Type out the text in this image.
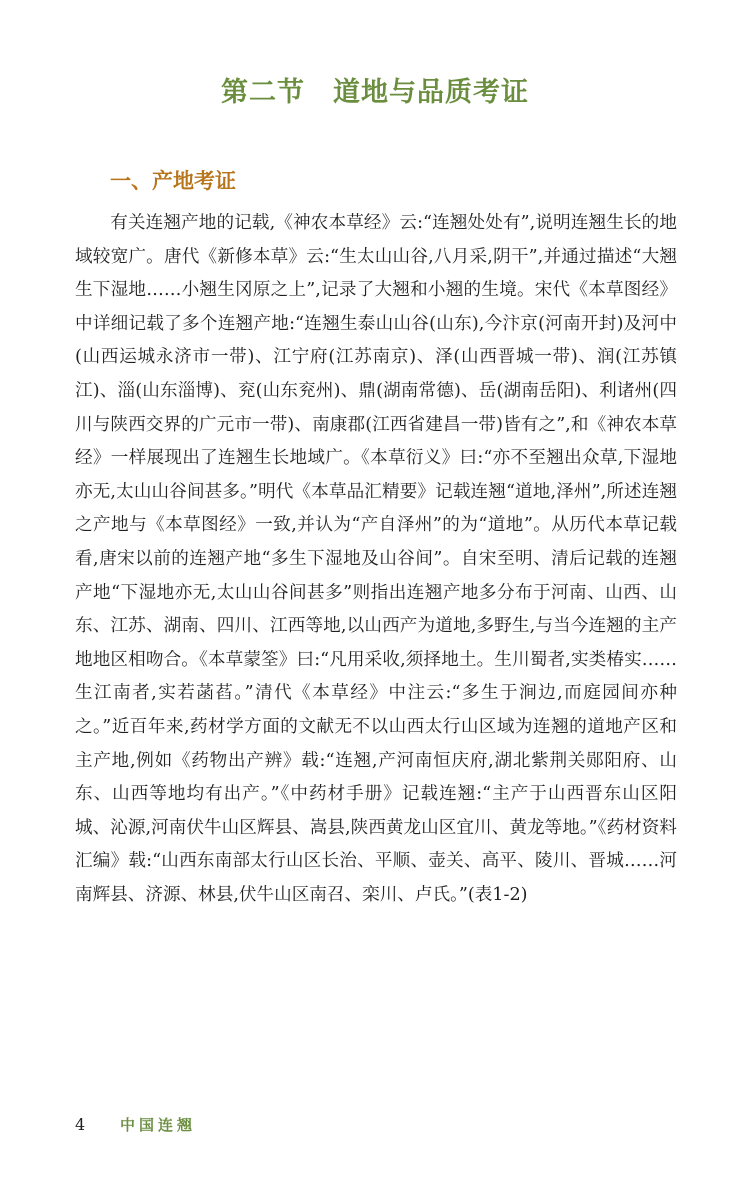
第二节　道地与品质考证
一、产地考证

有关连翘产地的记载,《神农本草经》云:“连翘处处有”,说明连翘生长的地域较宽广。唐代《新修本草》云:“生太山山谷,八月采,阴干”,并通过描述“大翘生下湿地……小翘生冈原之上”,记录了大翘和小翘的生境。宋代《本草图经》中详细记载了多个连翘产地:“连翘生泰山山谷(山东),今汴京(河南开封)及河中(山西运城永济市一带)、江宁府(江苏南京)、泽(山西晋城一带)、润(江苏镇江)、淄(山东淄博)、兖(山东兖州)、鼎(湖南常德)、岳(湖南岳阳)、利诸州(四川与陕西交界的广元市一带)、南康郡(江西省建昌一带)皆有之”,和《神农本草经》一样展现出了连翘生长地域广。《本草衍义》曰:“亦不至翘出众草,下湿地亦无,太山山谷间甚多。”明代《本草品汇精要》记载连翘“道地,泽州”,所述连翘之产地与《本草图经》一致,并认为“产自泽州”的为“道地”。从历代本草记载看,唐宋以前的连翘产地“多生下湿地及山谷间”。自宋至明、清后记载的连翘产地“下湿地亦无,太山山谷间甚多”则指出连翘产地多分布于河南、山西、山东、江苏、湖南、四川、江西等地,以山西产为道地,多野生,与当今连翘的主产地地区相吻合。《本草蒙筌》曰:“凡用采收,须择地土。生川蜀者,实类椿实……生江南者,实若菡萏。”清代《本草经》中注云:“多生于涧边,而庭园间亦种之。”近百年来,药材学方面的文献无不以山西太行山区域为连翘的道地产区和主产地,例如《药物出产辨》载:“连翘,产河南恒庆府,湖北紫荆关郧阳府、山东、山西等地均有出产。”《中药材手册》记载连翘:“主产于山西晋东山区阳城、沁源,河南伏牛山区辉县、嵩县,陕西黄龙山区宜川、黄龙等地。”《药材资料汇编》载:“山西东南部太行山区长治、平顺、壶关、高平、陵川、晋城……河南辉县、济源、林县,伏牛山区南召、栾川、卢氏。”(表1-2)

4	中国连翘
